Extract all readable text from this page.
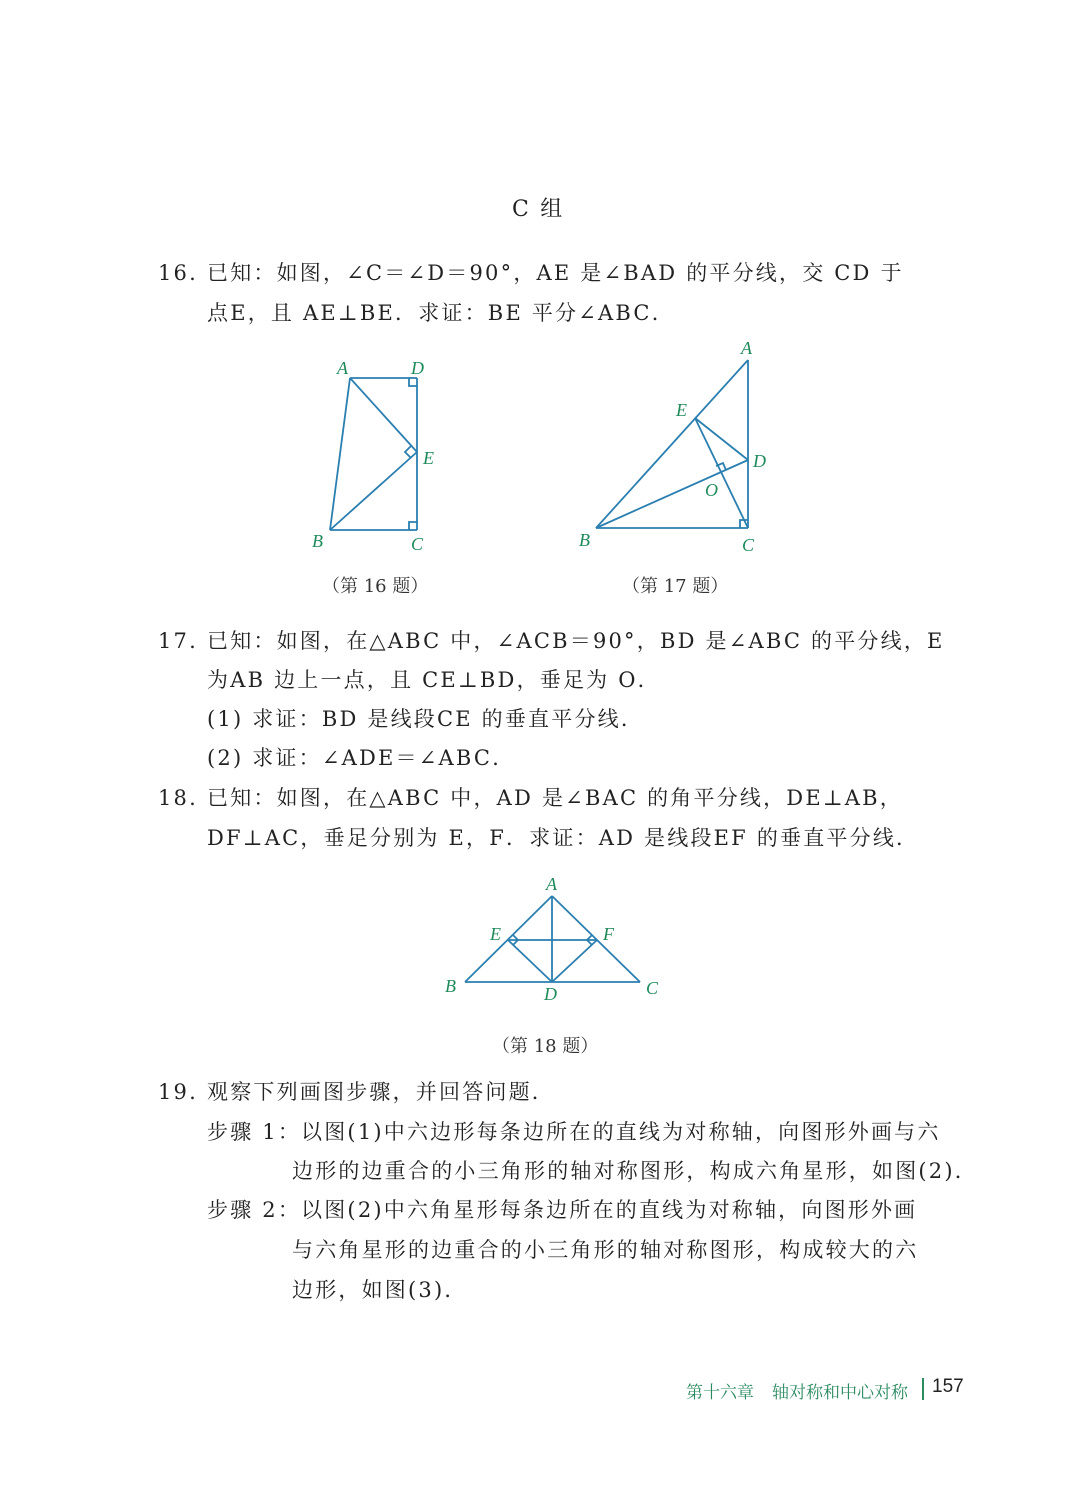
C 组
16. 已知：如图，∠C＝∠D＝90°，AE 是∠BAD 的平分线，交 CD 于
点E，且 AE⊥BE．求证：BE 平分∠ABC．
A	D
E
B	C
（第 16 题）
A
E
D
O
B	C
（第 17 题）
17. 已知：如图，在△ABC 中，∠ACB＝90°，BD 是∠ABC 的平分线，E
为AB 边上一点，且 CE⊥BD，垂足为 O．
(1) 求证：BD 是线段CE 的垂直平分线．
(2) 求证：∠ADE＝∠ABC．
18. 已知：如图，在△ABC 中，AD 是∠BAC 的角平分线，DE⊥AB，
DF⊥AC，垂足分别为 E，F．求证：AD 是线段EF 的垂直平分线．
A
E	F
B	D	C
（第 18 题）
19. 观察下列画图步骤，并回答问题．
步骤 1：以图(1)中六边形每条边所在的直线为对称轴，向图形外画与六
边形的边重合的小三角形的轴对称图形，构成六角星形，如图(2)．
步骤 2：以图(2)中六角星形每条边所在的直线为对称轴，向图形外画
与六角星形的边重合的小三角形的轴对称图形，构成较大的六
边形，如图(3)．
第十六章 轴对称和中心对称 157
